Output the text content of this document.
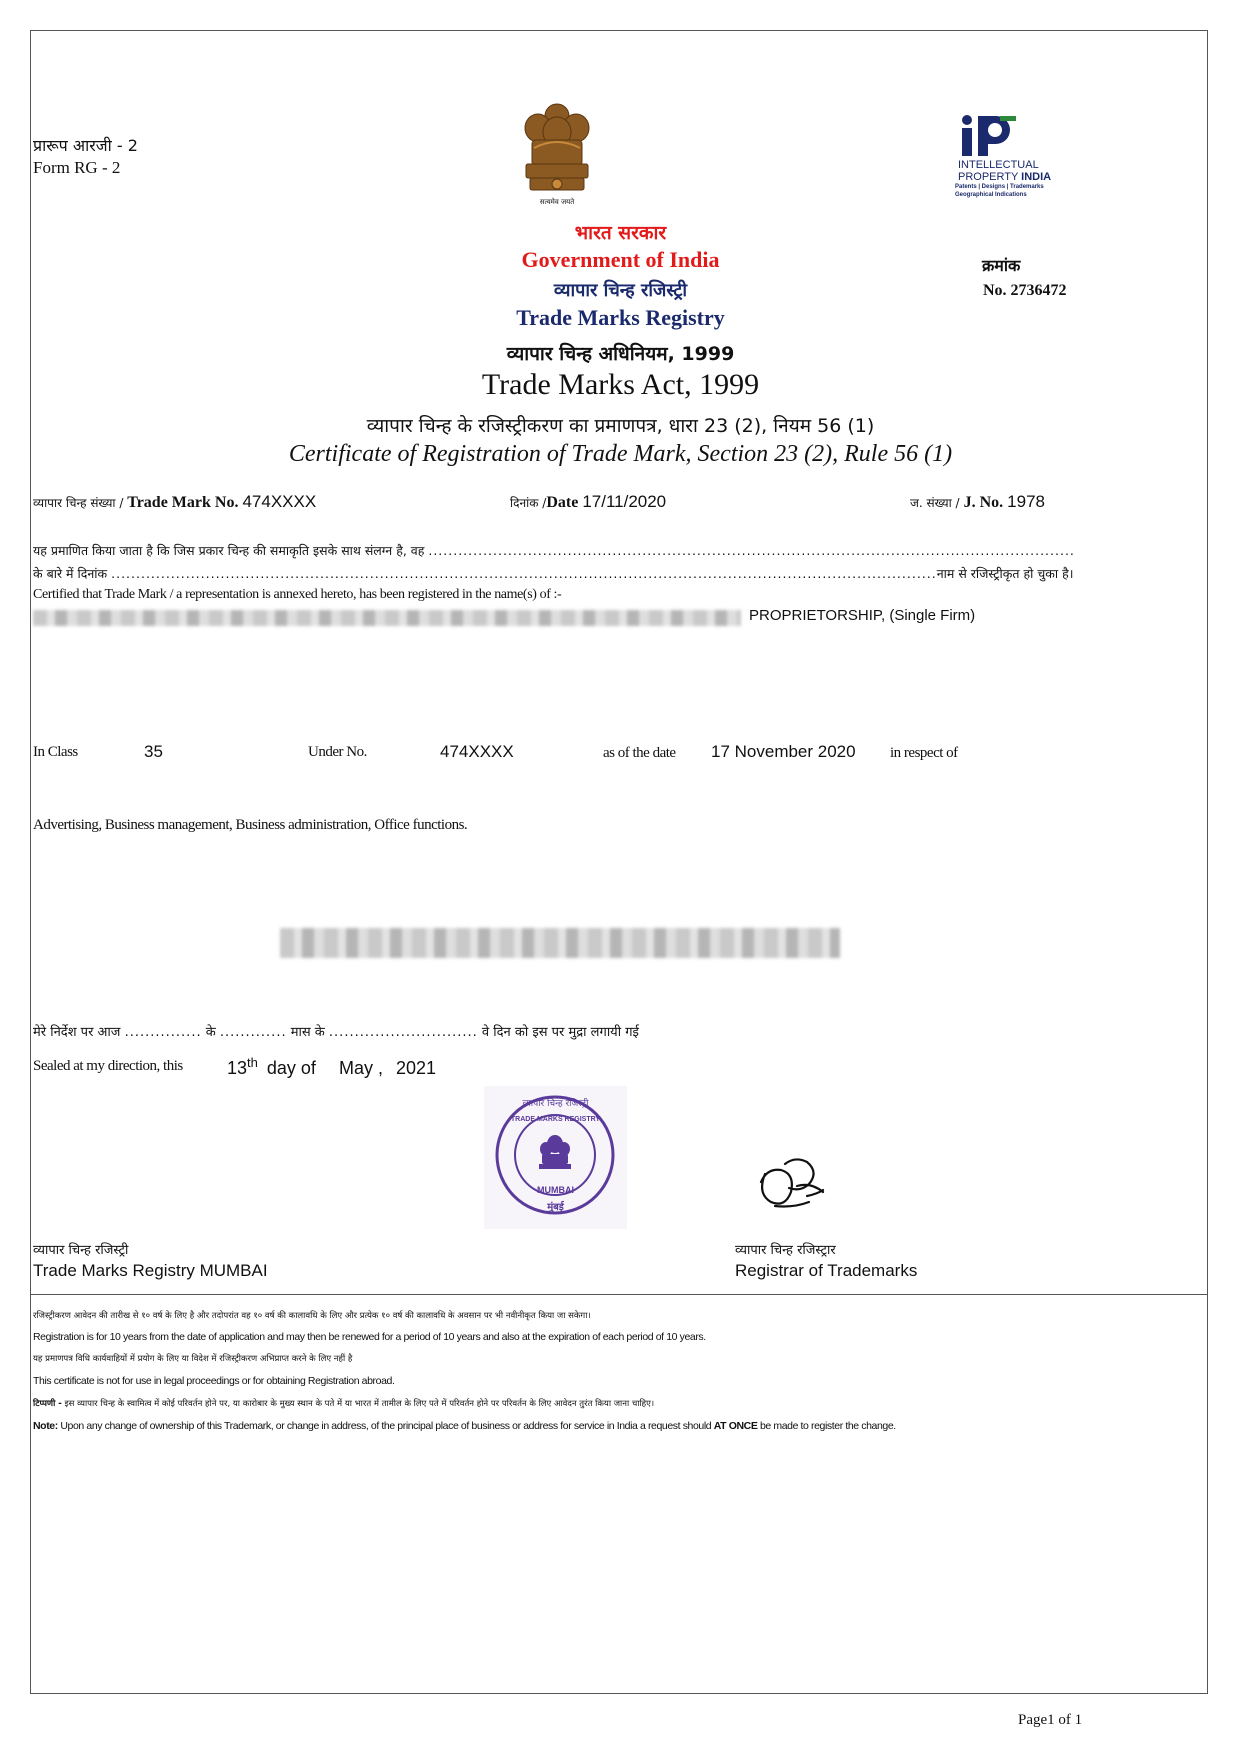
प्रारूप आरजी - 2
Form RG - 2
सत्यमेव जयते
INTELLECTUAL
PROPERTY INDIA
Patents | Designs | Trademarks
Geographical Indications
क्रमांक
No. 2736472
भारत सरकार
Government of India
व्यापार चिन्ह रजिस्ट्री
Trade Marks Registry
व्यापार चिन्ह अधिनियम, 1999
Trade Marks Act, 1999
व्यापार चिन्ह के रजिस्ट्रीकरण का प्रमाणपत्र, धारा 23 (2), नियम 56 (1)
Certificate of Registration of Trade Mark, Section 23 (2), Rule 56 (1)
व्यापार चिन्ह संख्या / Trade Mark No. 474XXXX	दिनांक /Date 17/11/2020	ज. संख्या / J. No. 1978
यह प्रमाणित किया जाता है कि जिस प्रकार चिन्ह की समाकृति इसके साथ संलग्न है, वह ..................................................................................................................................
के बारे में दिनांक ......................................................................................................................................................................नाम से रजिस्ट्रीकृत हो चुका है।
Certified that Trade Mark / a representation is annexed hereto, has been registered in the name(s) of :-
PROPRIETORSHIP, (Single Firm)
In Class	35	Under No.	474XXXX	as of the date 17 November 2020 in respect of
Advertising, Business management, Business administration, Office functions.
मेरे निर्देश पर आज ............... के ............. मास के ............................. वे दिन को इस पर मुद्रा लगायी गई
Sealed at my direction, this 13th day of May , 2021
व्यापार चिन्ह रजिस्ट्री
TRADE MARKS REGISTRY
MUMBAI
मुंबई
व्यापार चिन्ह रजिस्ट्री
Trade Marks Registry MUMBAI
व्यापार चिन्ह रजिस्ट्रार
Registrar of Trademarks
रजिस्ट्रीकरण आवेदन की तारीख से १० वर्ष के लिए है और तदोपरांत वह १० वर्ष की कालावधि के लिए और प्रत्येक १० वर्ष की कालावधि के अवसान पर भी नवीनीकृत किया जा सकेगा।
Registration is for 10 years from the date of application and may then be renewed for a period of 10 years and also at the expiration of each period of 10 years.
यह प्रमाणपत्र विधि कार्यवाहियों में प्रयोग के लिए या विदेश में रजिस्ट्रीकरण अभिप्राप्त करने के लिए नहीं है
This certificate is not for use in legal proceedings or for obtaining Registration abroad.
टिप्पणी - इस व्यापार चिन्ह के स्वामित्व में कोई परिवर्तन होने पर, या कारोबार के मुख्य स्थान के पते में या भारत में तामील के लिए पते में परिवर्तन होने पर परिवर्तन के लिए आवेदन तुरंत किया जाना चाहिए।
Note: Upon any change of ownership of this Trademark, or change in address, of the principal place of business or address for service in India a request should AT ONCE be made to register the change.
Page1 of 1
